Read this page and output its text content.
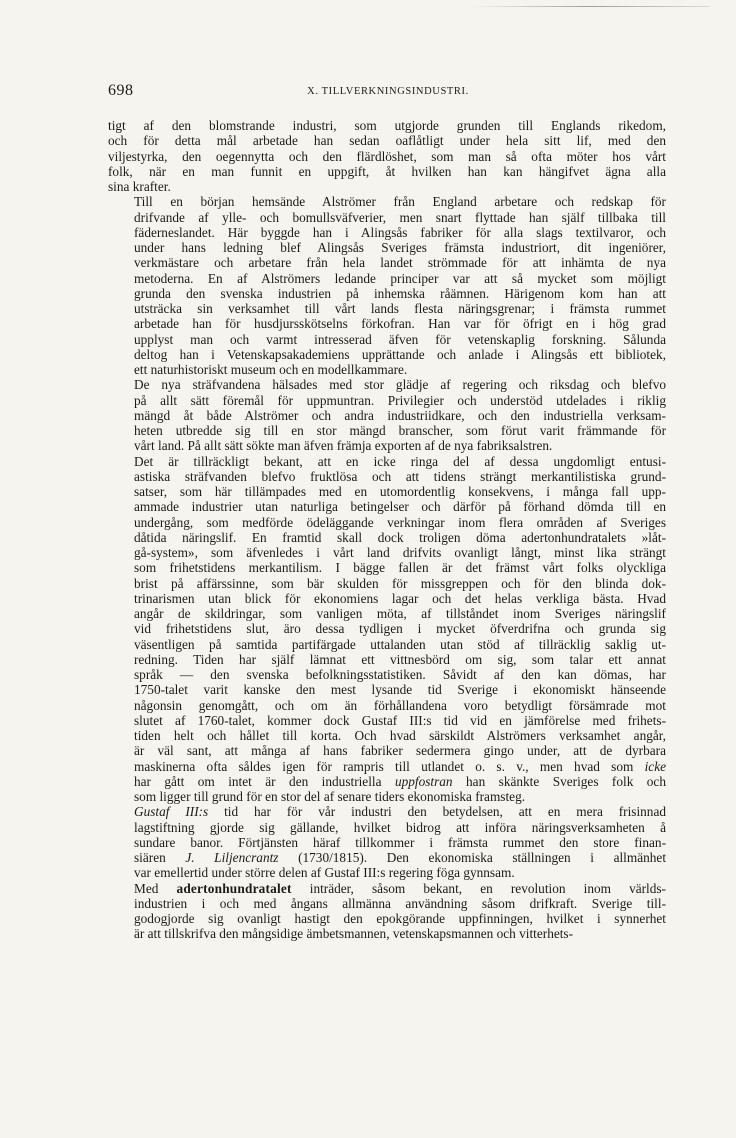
698	X. TILLVERKNINGSINDUSTRI.

tigt af den blomstrande industri, som utgjorde grunden till Englands rikedom,
och för detta mål arbetade han sedan oaflåtligt under hela sitt lif, med den
viljestyrka, den oegennytta och den flärdlöshet, som man så ofta möter hos vårt
folk, när en man funnit en uppgift, åt hvilken han kan hängifvet ägna alla
sina krafter.

Till en början hemsände Alströmer från England arbetare och redskap för
drifvande af ylle- och bomullsväfverier, men snart flyttade han själf tillbaka till
fäderneslandet. Här byggde han i Alingsås fabriker för alla slags textilvaror, och
under hans ledning blef Alingsås Sveriges främsta industriort, dit ingeniörer,
verkmästare och arbetare från hela landet strömmade för att inhämta de nya
metoderna. En af Alströmers ledande principer var att så mycket som möjligt
grunda den svenska industrien på inhemska råämnen. Härigenom kom han att
utsträcka sin verksamhet till vårt lands flesta näringsgrenar; i främsta rummet
arbetade han för husdjursskötselns förkofran. Han var för öfrigt en i hög grad
upplyst man och varmt intresserad äfven för vetenskaplig forskning. Sålunda
deltog han i Vetenskapsakademiens upprättande och anlade i Alingsås ett bibliotek,
ett naturhistoriskt museum och en modellkammare.

De nya sträfvandena hälsades med stor glädje af regering och riksdag och blefvo
på allt sätt föremål för uppmuntran. Privilegier och understöd utdelades i riklig
mängd åt både Alströmer och andra industriidkare, och den industriella verksam-
heten utbredde sig till en stor mängd branscher, som förut varit främmande för
vårt land. På allt sätt sökte man äfven främja exporten af de nya fabriksalstren.

Det är tillräckligt bekant, att en icke ringa del af dessa ungdomligt entusi-
astiska sträfvanden blefvo fruktlösa och att tidens strängt merkantilistiska grund-
satser, som här tillämpades med en utomordentlig konsekvens, i många fall upp-
ammade industrier utan naturliga betingelser och därför på förhand dömda till en
undergång, som medförde ödeläggande verkningar inom flera områden af Sveriges
dåtida näringslif. En framtid skall dock troligen döma adertonhundratalets »låt-
gå-system», som äfvenledes i vårt land drifvits ovanligt långt, minst lika strängt
som frihetstidens merkantilism. I bägge fallen är det främst vårt folks olyckliga
brist på affärssinne, som bär skulden för missgreppen och för den blinda dok-
trinarismen utan blick för ekonomiens lagar och det helas verkliga bästa. Hvad
angår de skildringar, som vanligen möta, af tillståndet inom Sveriges näringslif
vid frihetstidens slut, äro dessa tydligen i mycket öfverdrifna och grunda sig
väsentligen på samtida partifärgade uttalanden utan stöd af tillräcklig saklig ut-
redning. Tiden har själf lämnat ett vittnesbörd om sig, som talar ett annat
språk — den svenska befolkningsstatistiken. Såvidt af den kan dömas, har
1750-talet varit kanske den mest lysande tid Sverige i ekonomiskt hänseende
någonsin genomgått, och om än förhållandena voro betydligt försämrade mot
slutet af 1760-talet, kommer dock Gustaf III:s tid vid en jämförelse med frihets-
tiden helt och hållet till korta. Och hvad särskildt Alströmers verksamhet angår,
är väl sant, att många af hans fabriker sedermera gingo under, att de dyrbara
maskinerna ofta såldes igen för rampris till utlandet o. s. v., men hvad som icke
har gått om intet är den industriella uppfostran han skänkte Sveriges folk och
som ligger till grund för en stor del af senare tiders ekonomiska framsteg.

Gustaf III:s tid har för vår industri den betydelsen, att en mera frisinnad
lagstiftning gjorde sig gällande, hvilket bidrog att införa näringsverksamheten å
sundare banor. Förtjänsten häraf tillkommer i främsta rummet den store finan-
siären J. Liljencrantz (1730/1815). Den ekonomiska ställningen i allmänhet
var emellertid under större delen af Gustaf III:s regering föga gynnsam.

Med adertonhundratalet inträder, såsom bekant, en revolution inom världs-
industrien i och med ångans allmänna användning såsom drifkraft. Sverige till-
godogjorde sig ovanligt hastigt den epokgörande uppfinningen, hvilket i synnerhet
är att tillskrifva den mångsidige ämbetsmannen, vetenskapsmannen och vitterhets-
